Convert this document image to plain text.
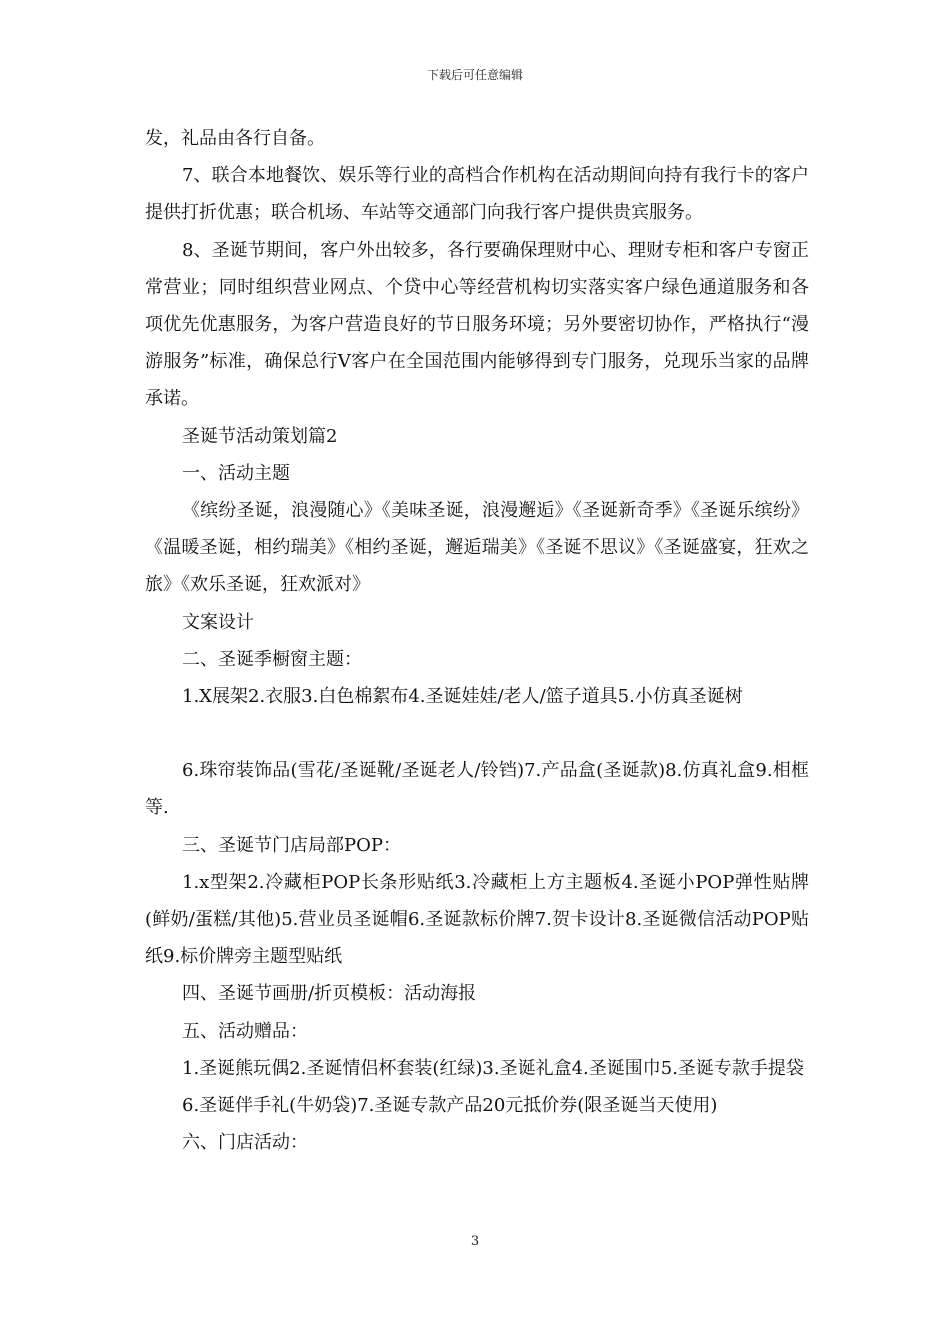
下载后可任意编辑

发，礼品由各行自备。

7、联合本地餐饮、娱乐等行业的高档合作机构在活动期间向持有我行卡的客户提供打折优惠；联合机场、车站等交通部门向我行客户提供贵宾服务。

8、圣诞节期间，客户外出较多，各行要确保理财中心、理财专柜和客户专窗正常营业；同时组织营业网点、个贷中心等经营机构切实落实客户绿色通道服务和各项优先优惠服务，为客户营造良好的节日服务环境；另外要密切协作，严格执行“漫游服务”标准，确保总行V客户在全国范围内能够得到专门服务，兑现乐当家的品牌承诺。

圣诞节活动策划篇2

一、活动主题

《缤纷圣诞，浪漫随心》《美味圣诞，浪漫邂逅》《圣诞新奇季》《圣诞乐缤纷》《温暖圣诞，相约瑞美》《相约圣诞，邂逅瑞美》《圣诞不思议》《圣诞盛宴，狂欢之旅》《欢乐圣诞，狂欢派对》

文案设计

二、圣诞季橱窗主题：

1.X展架2.衣服3.白色棉絮布4.圣诞娃娃/老人/篮子道具5.小仿真圣诞树

6.珠帘装饰品(雪花/圣诞靴/圣诞老人/铃铛)7.产品盒(圣诞款)8.仿真礼盒9.相框等.

三、圣诞节门店局部POP：

1.x型架2.冷藏柜POP长条形贴纸3.冷藏柜上方主题板4.圣诞小POP弹性贴牌(鲜奶/蛋糕/其他)5.营业员圣诞帽6.圣诞款标价牌7.贺卡设计8.圣诞微信活动POP贴纸9.标价牌旁主题型贴纸

四、圣诞节画册/折页模板：活动海报

五、活动赠品：

1.圣诞熊玩偶2.圣诞情侣杯套装(红绿)3.圣诞礼盒4.圣诞围巾5.圣诞专款手提袋

6.圣诞伴手礼(牛奶袋)7.圣诞专款产品20元抵价券(限圣诞当天使用)

六、门店活动：

3
